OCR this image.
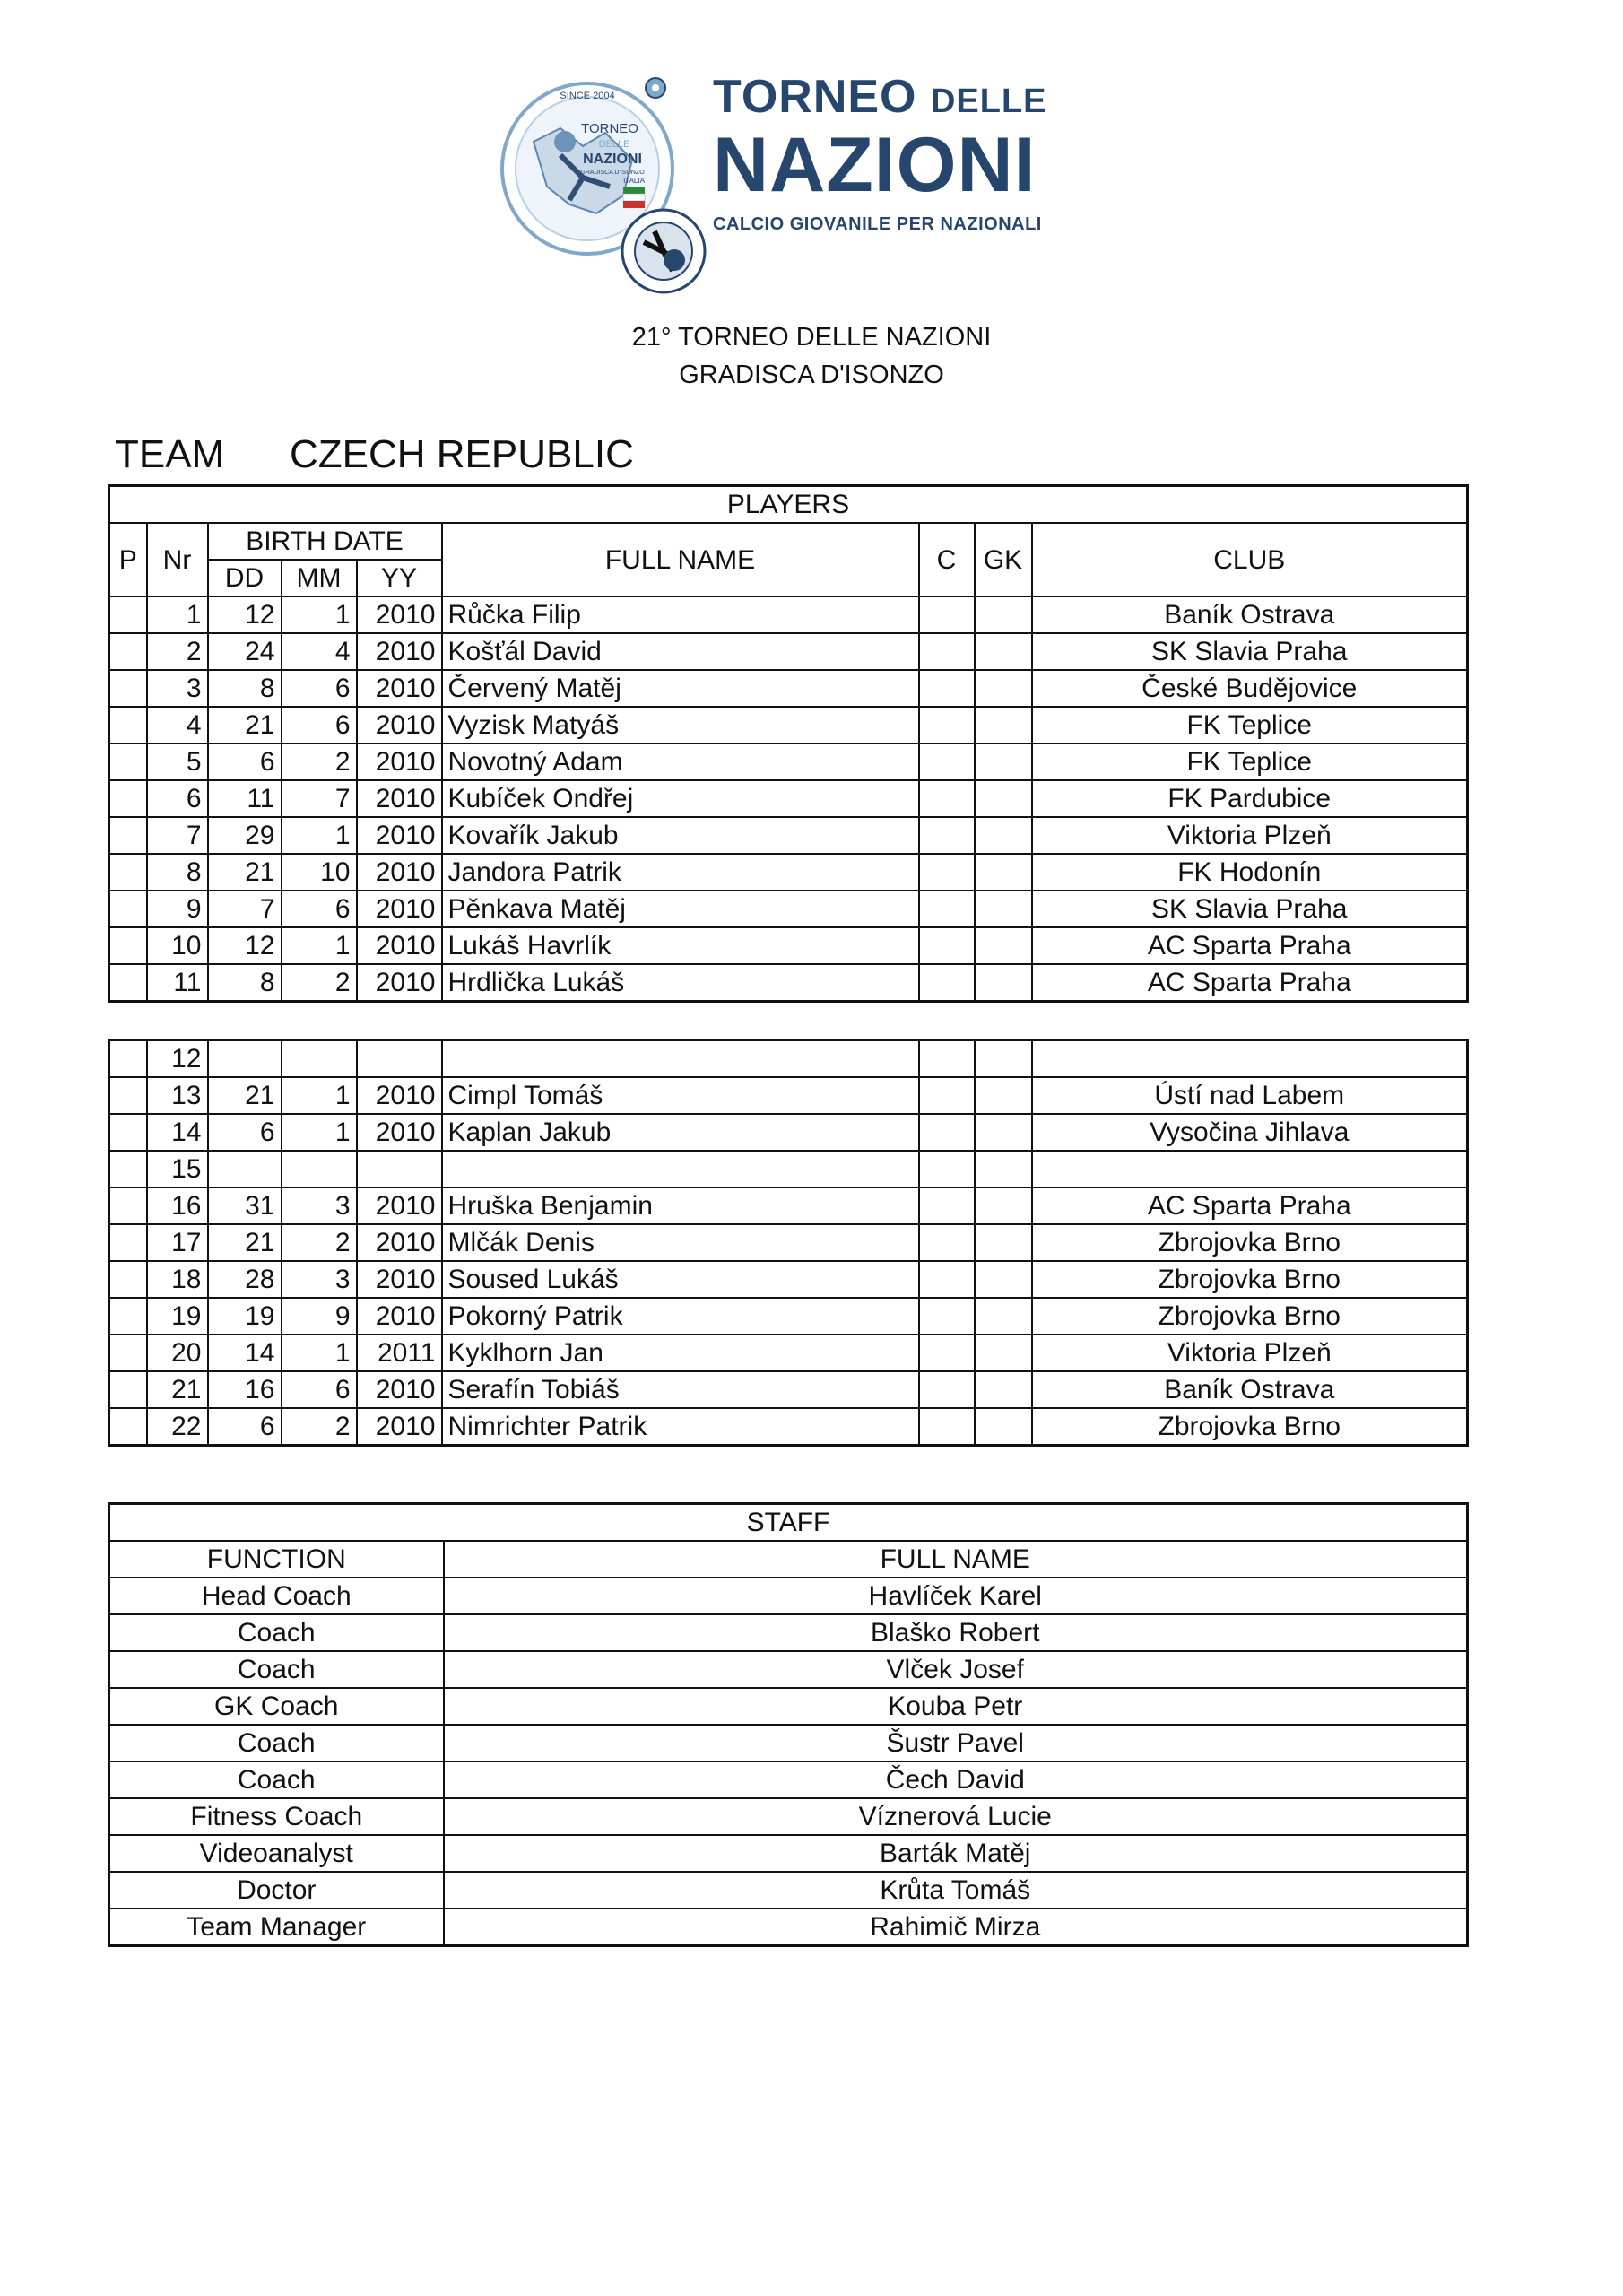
SINCE 2004
TORNEO
DELLE
NAZIONI
GRADISCA D'ISONZO
ITALIA
TORNEO DELLE
NAZIONI
CALCIO GIOVANILE PER NAZIONALI
21° TORNEO DELLE NAZIONI
GRADISCA D'ISONZO
TEAM CZECH REPUBLIC
PLAYERS								
P	Nr	BIRTH DATE			FULL NAME	C	GK	CLUB
		DD	MM	YY				
	1	12	1	2010	Růčka Filip			Baník Ostrava
	2	24	4	2010	Košťál David			SK Slavia Praha
	3	8	6	2010	Červený Matěj			České Budějovice
	4	21	6	2010	Vyzisk Matyáš			FK Teplice
	5	6	2	2010	Novotný Adam			FK Teplice
	6	11	7	2010	Kubíček Ondřej			FK Pardubice
	7	29	1	2010	Kovařík Jakub			Viktoria Plzeň
	8	21	10	2010	Jandora Patrik			FK Hodonín
	9	7	6	2010	Pěnkava Matěj			SK Slavia Praha
	10	12	1	2010	Lukáš Havrlík			AC Sparta Praha
	11	8	2	2010	Hrdlička Lukáš			AC Sparta Praha
	12							
	13	21	1	2010	Cimpl Tomáš			Ústí nad Labem
	14	6	1	2010	Kaplan Jakub			Vysočina Jihlava
	15							
	16	31	3	2010	Hruška Benjamin			AC Sparta Praha
	17	21	2	2010	Mlčák Denis			Zbrojovka Brno
	18	28	3	2010	Soused Lukáš			Zbrojovka Brno
	19	19	9	2010	Pokorný Patrik			Zbrojovka Brno
	20	14	1	2011	Kyklhorn Jan			Viktoria Plzeň
	21	16	6	2010	Serafín Tobiáš			Baník Ostrava
	22	6	2	2010	Nimrichter Patrik			Zbrojovka Brno
STAFF	
FUNCTION	FULL NAME
Head Coach	Havlíček Karel
Coach	Blaško Robert
Coach	Vlček Josef
GK Coach	Kouba Petr
Coach	Šustr Pavel
Coach	Čech David
Fitness Coach	Víznerová Lucie
Videoanalyst	Barták Matěj
Doctor	Krůta Tomáš
Team Manager	Rahimič Mirza
